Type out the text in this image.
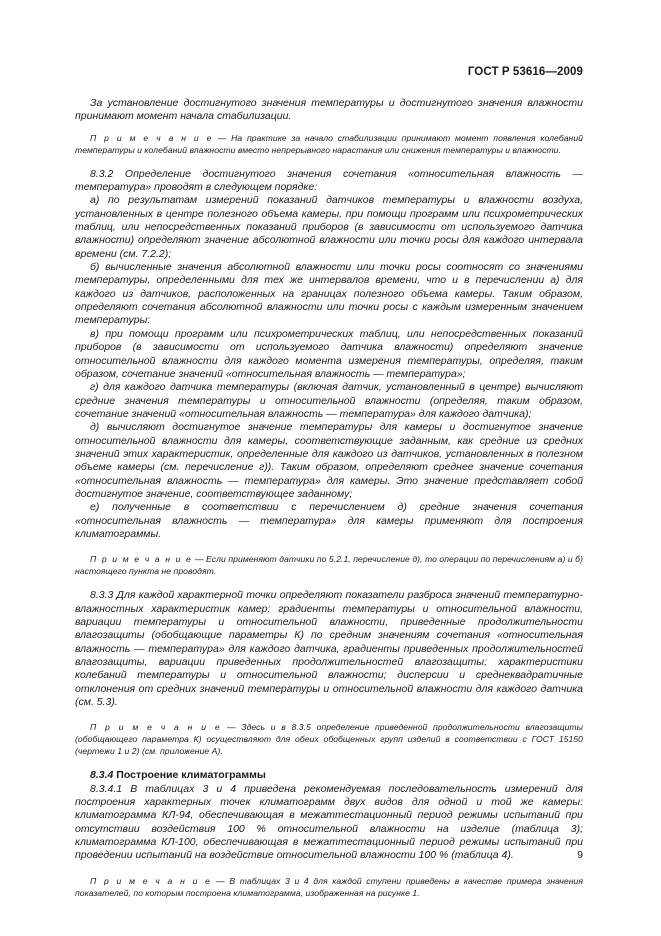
ГОСТ Р 53616—2009

За установление достигнутого значения температуры и достигнутого значения влажности принимают момент начала стабилизации.

П р и м е ч а н и е — На практике за начало стабилизации принимают момент появления колебаний температуры и колебаний влажности вместо непрерывного нарастания или снижения температуры и влажности.

8.3.2 Определение достигнутого значения сочетания «относительная влажность — температура» проводят в следующем порядке:

а) по результатам измерений показаний датчиков температуры и влажности воздуха, установленных в центре полезного объема камеры, при помощи программ или психрометрических таблиц, или непосредственных показаний приборов (в зависимости от используемого датчика влажности) определяют значение абсолютной влажности или точки росы для каждого интервала времени (см. 7.2.2);

б) вычисленные значения абсолютной влажности или точки росы соотносят со значениями температуры, определенными для тех же интервалов времени, что и в перечислении а) для каждого из датчиков, расположенных на границах полезного объема камеры. Таким образом, определяют сочетания абсолютной влажности или точки росы с каждым измеренным значением температуры:

в) при помощи программ или психрометрических таблиц, или непосредственных показаний приборов (в зависимости от используемого датчика влажности) определяют значение относительной влажности для каждого момента измерения температуры, определяя, таким образом, сочетание значений «относительная влажность — температура»;

г) для каждого датчика температуры (включая датчик, установленный в центре) вычисляют средние значения температуры и относительной влажности (определяя, таким образом, сочетание значений «относительная влажность — температура» для каждого датчика);

д) вычисляют достигнутое значение температуры для камеры и достигнутое значение относительной влажности для камеры, соответствующие заданным, как средние из средних значений этих характеристик, определенные для каждого из датчиков, установленных в полезном объеме камеры (см. перечисление г)). Таким образом, определяют среднее значение сочетания «относительная влажность — температура» для камеры. Это значение представляет собой достигнутое значение, соответствующее заданному;

е) полученные в соответствии с перечислением д) средние значения сочетания «относительная влажность — температура» для камеры применяют для построения климатограммы.

П р и м е ч а н и е — Если применяют датчики по 5.2.1, перечисление д), то операции по перечислениям а) и б) настоящего пункта не проводят.

8.3.3 Для каждой характерной точки определяют показатели разброса значений температурно-влажностных характеристик камер: градиенты температуры и относительной влажности, вариации температуры и относительной влажности, приведенные продолжительности влагозащиты (обобщающие параметры К) по средним значениям сочетания «относительная влажность — температура» для каждого датчика, градиенты приведенных продолжительностей влагозащиты, вариации приведенных продолжительностей влагозащиты; характеристики колебаний температуры и относительной влажности; дисперсии и среднеквадратичные отклонения от средних значений температуры и относительной влажности для каждого датчика (см. 5.3).

П р и м е ч а н и е — Здесь и в 8.3.5 определение приведенной продолжительности влагозащиты (обобщающего параметра К) осуществляют для обеих обобщенных групп изделий в соответствии с ГОСТ 15150 (чертежи 1 и 2) (см. приложение А).

8.3.4 Построение климатограммы

8.3.4.1 В таблицах 3 и 4 приведена рекомендуемая последовательность измерений для построения характерных точек климатограмм двух видов для одной и той же камеры: климатограмма КЛ-94, обеспечивающая в межаттестационный период режимы испытаний при отсутствии воздействия 100 % относительной влажности на изделие (таблица 3); климатограмма КЛ-100, обеспечивающая в межаттестационный период режимы испытаний при проведении испытаний на воздействие относительной влажности 100 % (таблица 4).

П р и м е ч а н и е — В таблицах 3 и 4 для каждой ступени приведены в качестве примера значения показателей, по которым построена климатограмма, изображенная на рисунке 1.

9
